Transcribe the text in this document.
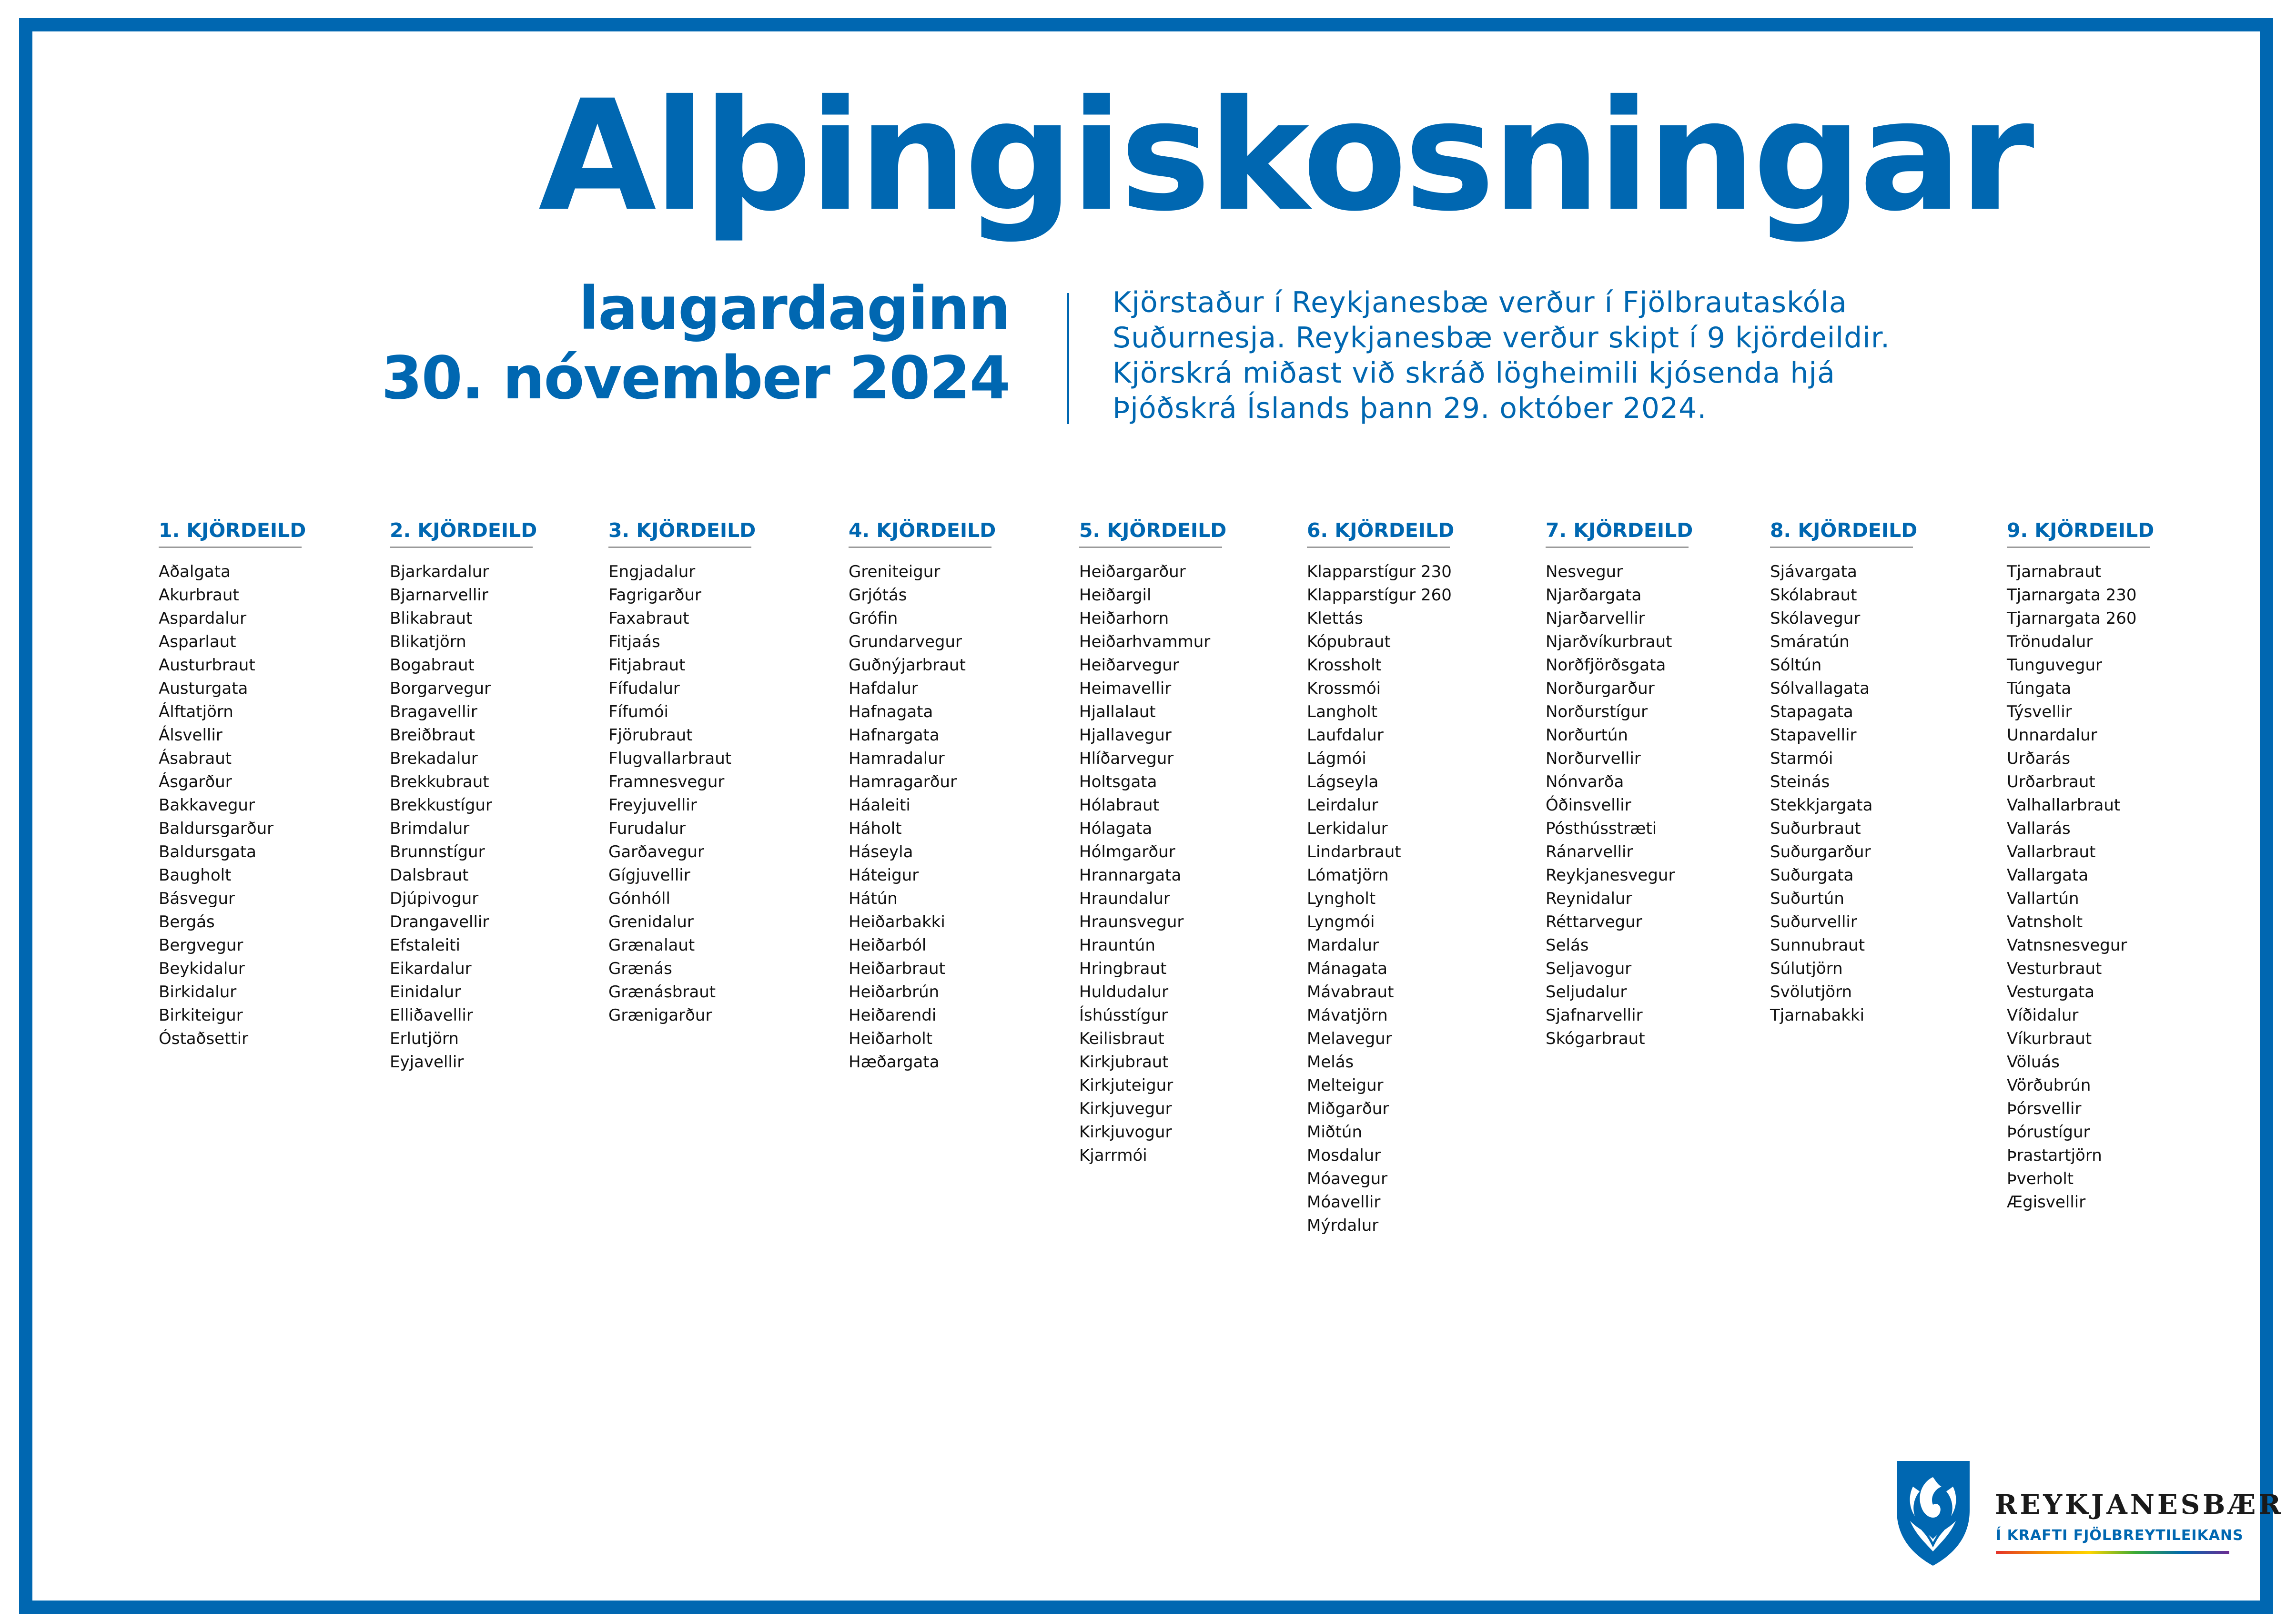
Alþingiskosningar
laugardaginn
30. nóvember 2024
Kjörstaður í Reykjanesbæ verður í Fjölbrautaskóla
Suðurnesja. Reykjanesbæ verður skipt í 9 kjördeildir.
Kjörskrá miðast við skráð lögheimili kjósenda hjá
Þjóðskrá Íslands þann 29. október 2024.
1. KJÖRDEILD
Aðalgata
Akurbraut
Aspardalur
Asparlaut
Austurbraut
Austurgata
Álftatjörn
Álsvellir
Ásabraut
Ásgarður
Bakkavegur
Baldursgarður
Baldursgata
Baugholt
Básvegur
Bergás
Bergvegur
Beykidalur
Birkidalur
Birkiteigur
Óstaðsettir
2. KJÖRDEILD
Bjarkardalur
Bjarnarvellir
Blikabraut
Blikatjörn
Bogabraut
Borgarvegur
Bragavellir
Breiðbraut
Brekadalur
Brekkubraut
Brekkustígur
Brimdalur
Brunnstígur
Dalsbraut
Djúpivogur
Drangavellir
Efstaleiti
Eikardalur
Einidalur
Elliðavellir
Erlutjörn
Eyjavellir
3. KJÖRDEILD
Engjadalur
Fagrigarður
Faxabraut
Fitjaás
Fitjabraut
Fífudalur
Fífumói
Fjörubraut
Flugvallarbraut
Framnesvegur
Freyjuvellir
Furudalur
Garðavegur
Gígjuvellir
Gónhóll
Grenidalur
Grænalaut
Grænás
Grænásbraut
Grænigarður
4. KJÖRDEILD
Greniteigur
Grjótás
Grófin
Grundarvegur
Guðnýjarbraut
Hafdalur
Hafnagata
Hafnargata
Hamradalur
Hamragarður
Háaleiti
Háholt
Háseyla
Háteigur
Hátún
Heiðarbakki
Heiðarból
Heiðarbraut
Heiðarbrún
Heiðarendi
Heiðarholt
Hæðargata
5. KJÖRDEILD
Heiðargarður
Heiðargil
Heiðarhorn
Heiðarhvammur
Heiðarvegur
Heimavellir
Hjallalaut
Hjallavegur
Hlíðarvegur
Holtsgata
Hólabraut
Hólagata
Hólmgarður
Hrannargata
Hraundalur
Hraunsvegur
Hrauntún
Hringbraut
Huldudalur
Íshússtígur
Keilisbraut
Kirkjubraut
Kirkjuteigur
Kirkjuvegur
Kirkjuvogur
Kjarrmói
6. KJÖRDEILD
Klapparstígur 230
Klapparstígur 260
Klettás
Kópubraut
Krossholt
Krossmói
Langholt
Laufdalur
Lágmói
Lágseyla
Leirdalur
Lerkidalur
Lindarbraut
Lómatjörn
Lyngholt
Lyngmói
Mardalur
Mánagata
Mávabraut
Mávatjörn
Melavegur
Melás
Melteigur
Miðgarður
Miðtún
Mosdalur
Móavegur
Móavellir
Mýrdalur
7. KJÖRDEILD
Nesvegur
Njarðargata
Njarðarvellir
Njarðvíkurbraut
Norðfjörðsgata
Norðurgarður
Norðurstígur
Norðurtún
Norðurvellir
Nónvarða
Óðinsvellir
Pósthússtræti
Ránarvellir
Reykjanesvegur
Reynidalur
Réttarvegur
Selás
Seljavogur
Seljudalur
Sjafnarvellir
Skógarbraut
8. KJÖRDEILD
Sjávargata
Skólabraut
Skólavegur
Smáratún
Sóltún
Sólvallagata
Stapagata
Stapavellir
Starmói
Steinás
Stekkjargata
Suðurbraut
Suðurgarður
Suðurgata
Suðurtún
Suðurvellir
Sunnubraut
Súlutjörn
Svölutjörn
Tjarnabakki
9. KJÖRDEILD
Tjarnabraut
Tjarnargata 230
Tjarnargata 260
Trönudalur
Tunguvegur
Túngata
Týsvellir
Unnardalur
Urðarás
Urðarbraut
Valhallarbraut
Vallarás
Vallarbraut
Vallargata
Vallartún
Vatnsholt
Vatnsnesvegur
Vesturbraut
Vesturgata
Víðidalur
Víkurbraut
Völuás
Vörðubrún
Þórsvellir
Þórustígur
Þrastartjörn
Þverholt
Ægisvellir
REYKJANESBÆR
Í KRAFTI FJÖLBREYTILEIKANS
